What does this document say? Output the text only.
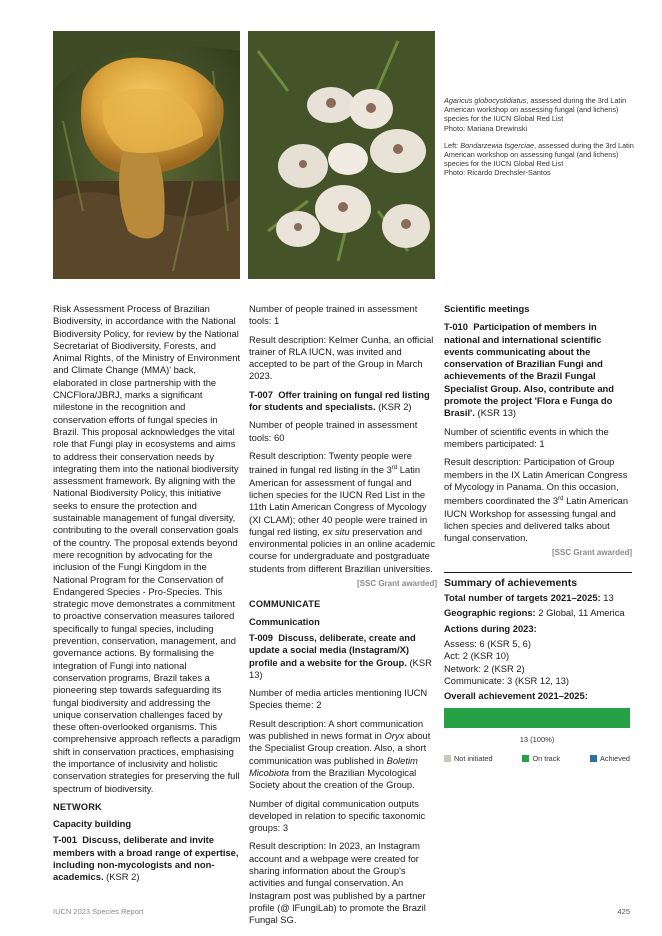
Agaricus globocystidiatus, assessed during the 3rd Latin American workshop on assessing fungal (and lichens) species for the IUCN Global Red List
Photo: Mariana Drewinski

Left: Bondarzewia tsgerciae, assessed during the 3rd Latin American workshop on assessing fungal (and lichens) species for the IUCN Global Red List
Photo: Ricardo Drechsler-Santos

Risk Assessment Process of Brazilian Biodiversity, in accordance with the National Biodiversity Policy, for review by the National Secretariat of Biodiversity, Forests, and Animal Rights, of the Ministry of Environment and Climate Change (MMA)' back, elaborated in close partnership with the CNCFlora/JBRJ, marks a significant milestone in the recognition and conservation efforts of fungal species in Brazil. This proposal acknowledges the vital role that Fungi play in ecosystems and aims to address their conservation needs by integrating them into the national biodiversity assessment framework. By aligning with the National Biodiversity Policy, this initiative seeks to ensure the protection and sustainable management of fungal diversity, contributing to the overall conservation goals of the country. The proposal extends beyond mere recognition by advocating for the inclusion of the Fungi Kingdom in the National Program for the Conservation of Endangered Species - Pro-Species. This strategic move demonstrates a commitment to proactive conservation measures tailored specifically to fungal species, including prevention, conservation, management, and governance actions. By formalising the integration of Fungi into national conservation programs, Brazil takes a pioneering step towards safeguarding its fungal biodiversity and addressing the unique conservation challenges faced by these often-overlooked organisms. This comprehensive approach reflects a paradigm shift in conservation practices, emphasising the importance of inclusivity and holistic conservation strategies for preserving the full spectrum of biodiversity.

NETWORK
Capacity building

T-001 Discuss, deliberate and invite members with a broad range of expertise, including non-mycologists and non-academics. (KSR 2)

Number of people trained in assessment tools: 1

Result description: Kelmer Cunha, an official trainer of RLA IUCN, was invited and accepted to be part of the Group in March 2023.

T-007 Offer training on fungal red listing for students and specialists. (KSR 2)

Number of people trained in assessment tools: 60

Result description: Twenty people were trained in fungal red listing in the 3rd Latin American for assessment of fungal and lichen species for the IUCN Red List in the 11th Latin American Congress of Mycology (XI CLAM); other 40 people were trained in fungal red listing, ex situ preservation and environmental policies in an online academic course for undergraduate and postgraduate students from different Brazilian universities.

[SSC Grant awarded]
COMMUNICATE
Communication

T-009 Discuss, deliberate, create and update a social media (Instagram/X) profile and a website for the Group. (KSR 13)

Number of media articles mentioning IUCN Species theme: 2

Result description: A short communication was published in news format in Oryx about the Specialist Group creation. Also, a short communication was published in Boletim Micobiota from the Brazilian Mycological Society about the creation of the Group.

Number of digital communication outputs developed in relation to specific taxonomic groups: 3

Result description: In 2023, an Instagram account and a webpage were created for sharing information about the Group's activities and fungal conservation. An Instagram post was published by a partner profile (@ lFungiLab) to promote the Brazil Fungal SG.

Scientific meetings

T-010 Participation of members in national and international scientific events communicating about the conservation of Brazilian Fungi and achievements of the Brazil Fungal Specialist Group. Also, contribute and promote the project 'Flora e Funga do Brasil'. (KSR 13)

Number of scientific events in which the members participated: 1

Result description: Participation of Group members in the IX Latin American Congress of Mycology in Panama. On this occasion, members coordinated the 3rd Latin American IUCN Workshop for assessing fungal and lichen species and delivered talks about fungal conservation.

[SSC Grant awarded]
Summary of achievements
Total number of targets 2021–2025: 13
Geographic regions: 2 Global, 11 America
Actions during 2023:
Assess: 6 (KSR 5, 6)
Act: 2 (KSR 10)
Network: 2 (KSR 2)
Communicate: 3 (KSR 12, 13)
Overall achievement 2021–2025:
13 (100%)
Not initiated	On track	Achieved
IUCN 2023 Species Report	425
